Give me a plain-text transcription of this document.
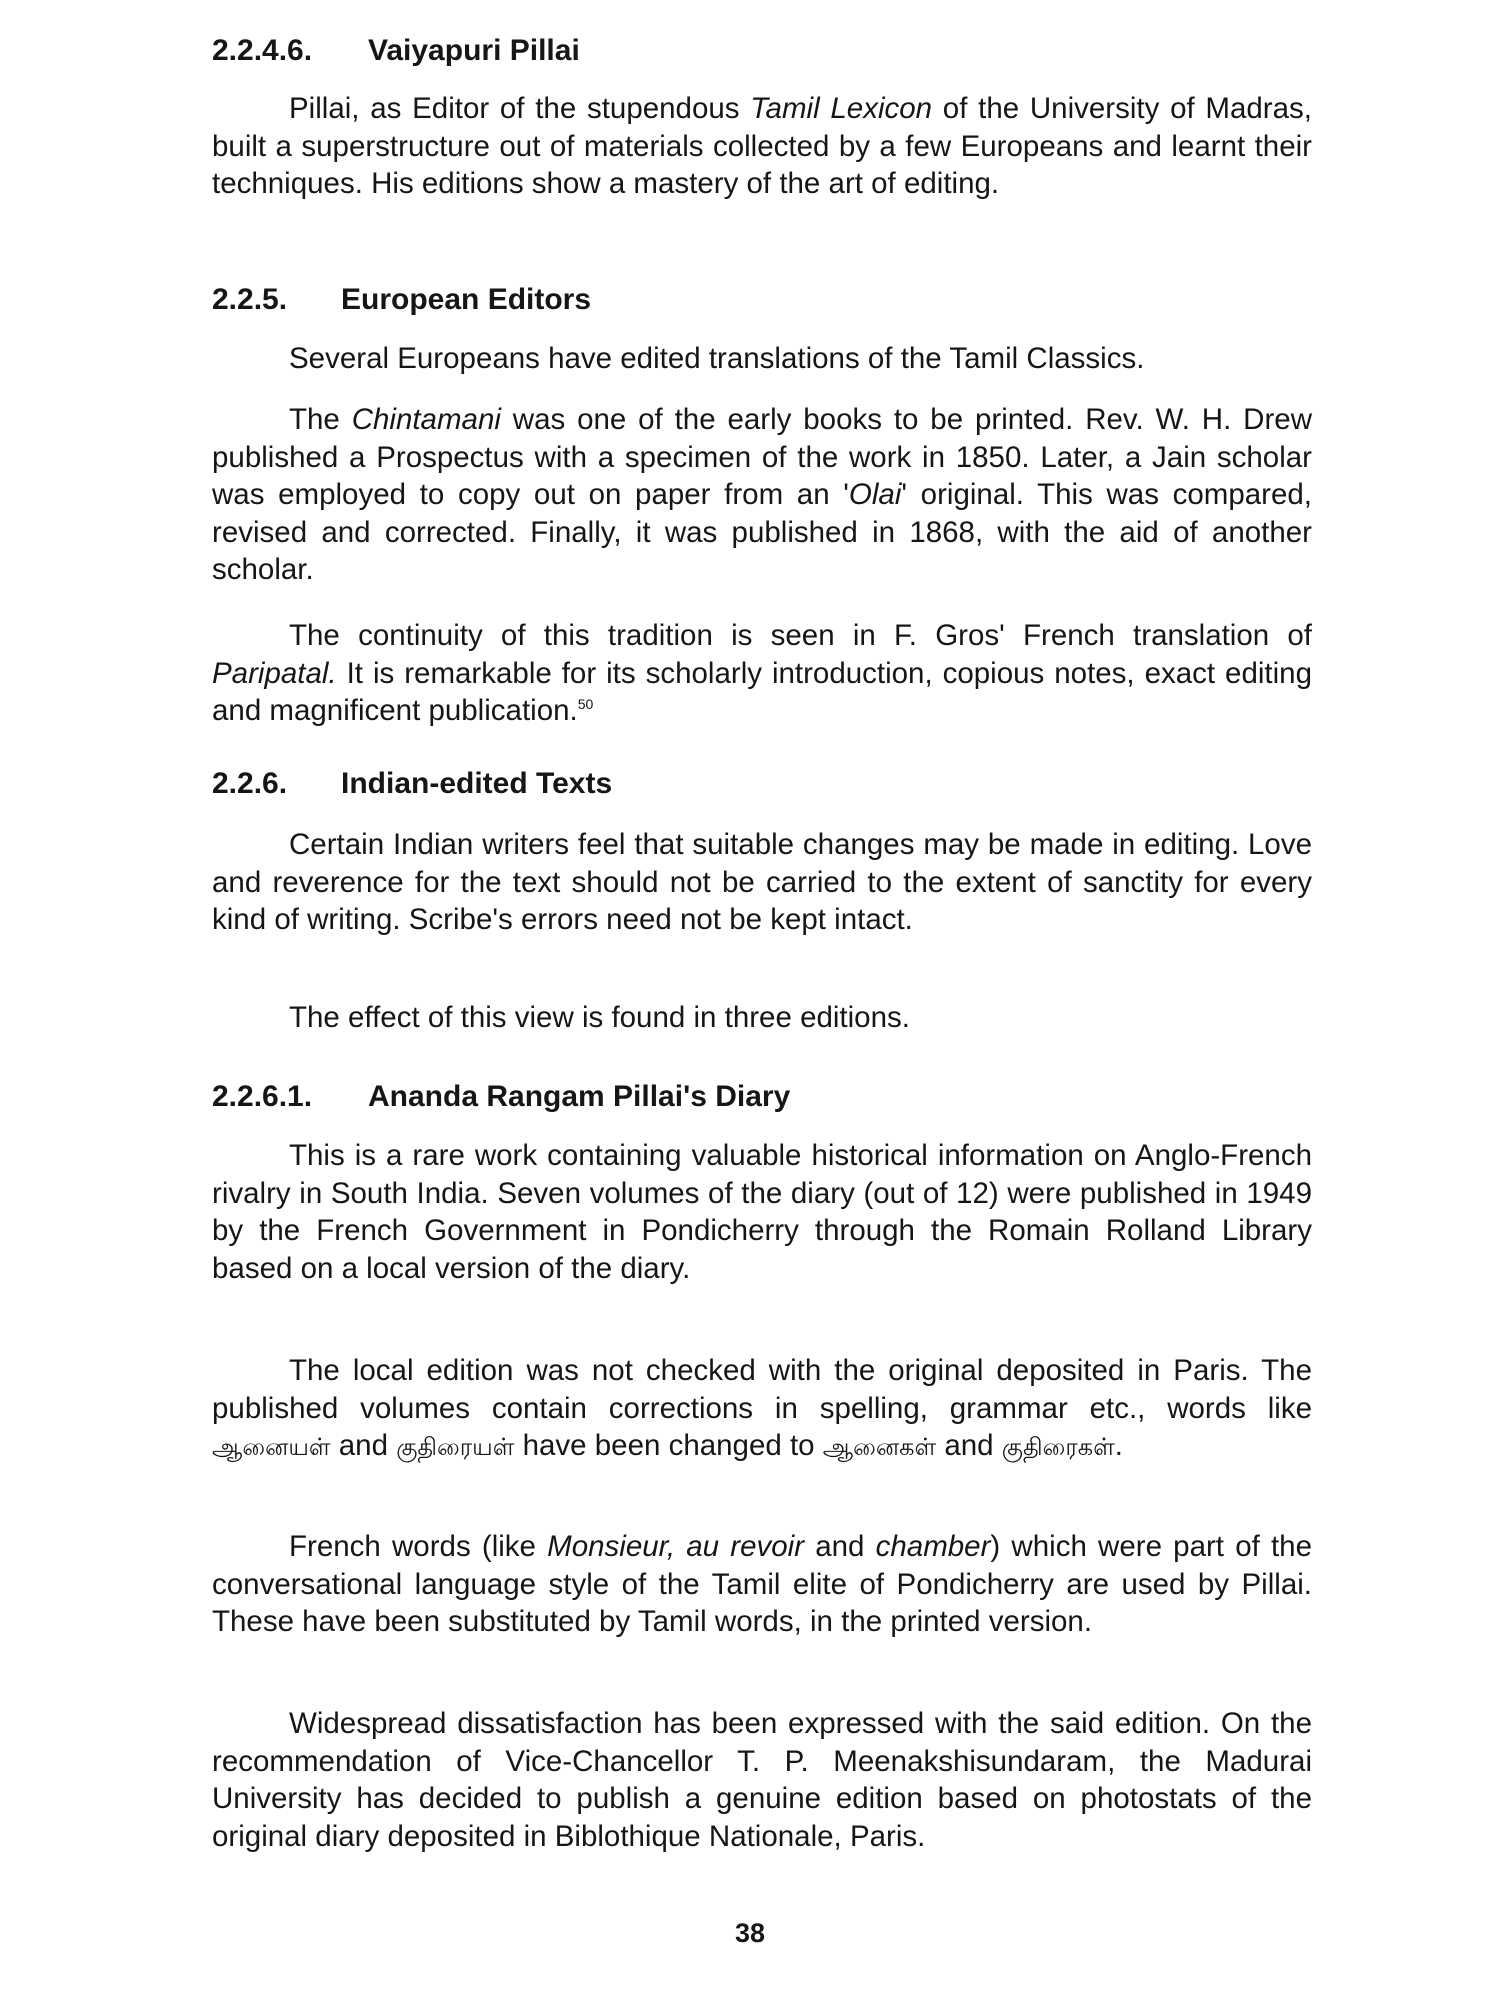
2.2.4.6. Vaiyapuri Pillai

Pillai, as Editor of the stupendous Tamil Lexicon of the University of Madras, built a superstructure out of materials collected by a few Europeans and learnt their techniques. His editions show a mastery of the art of editing.

2.2.5. European Editors

Several Europeans have edited translations of the Tamil Classics.

The Chintamani was one of the early books to be printed. Rev. W. H. Drew published a Prospectus with a specimen of the work in 1850. Later, a Jain scholar was employed to copy out on paper from an 'Olai' original. This was compared, revised and corrected. Finally, it was published in 1868, with the aid of another scholar.

The continuity of this tradition is seen in F. Gros' French translation of Paripatal. It is remarkable for its scholarly introduction, copious notes, exact editing and magnificent publication.$^{50}$

2.2.6. Indian-edited Texts

Certain Indian writers feel that suitable changes may be made in editing. Love and reverence for the text should not be carried to the extent of sanctity for every kind of writing. Scribe's errors need not be kept intact.

The effect of this view is found in three editions.

2.2.6.1. Ananda Rangam Pillai's Diary

This is a rare work containing valuable historical information on Anglo-French rivalry in South India. Seven volumes of the diary (out of 12) were published in 1949 by the French Government in Pondicherry through the Romain Rolland Library based on a local version of the diary.

The local edition was not checked with the original deposited in Paris. The published volumes contain corrections in spelling, grammar etc., words like ஆனையள் and குதிரையள் have been changed to ஆனைகள் and குதிரைகள்.

French words (like Monsieur, au revoir and chamber) which were part of the conversational language style of the Tamil elite of Pondicherry are used by Pillai. These have been substituted by Tamil words, in the printed version.

Widespread dissatisfaction has been expressed with the said edition. On the recommendation of Vice-Chancellor T. P. Meenakshisundaram, the Madurai University has decided to publish a genuine edition based on photostats of the original diary deposited in Biblothique Nationale, Paris.

38
